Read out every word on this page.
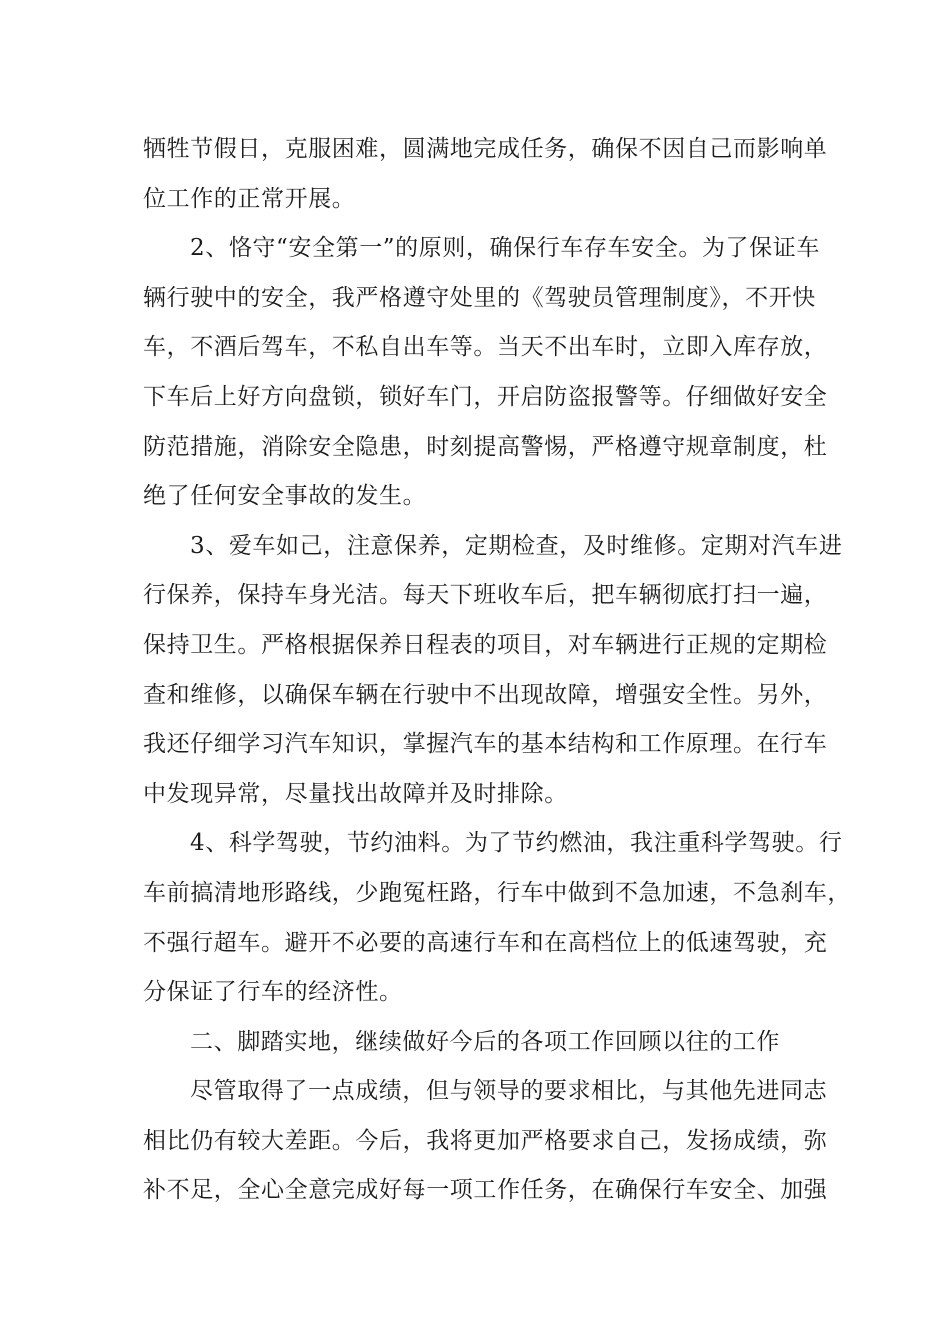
牺牲节假日，克服困难，圆满地完成任务，确保不因自己而影响单
位工作的正常开展。
2、恪守“安全第一”的原则，确保行车存车安全。为了保证车
辆行驶中的安全，我严格遵守处里的《驾驶员管理制度》，不开快
车，不酒后驾车，不私自出车等。当天不出车时，立即入库存放，
下车后上好方向盘锁，锁好车门，开启防盗报警等。仔细做好安全
防范措施，消除安全隐患，时刻提高警惕，严格遵守规章制度，杜
绝了任何安全事故的发生。
3、爱车如己，注意保养，定期检查，及时维修。定期对汽车进
行保养，保持车身光洁。每天下班收车后，把车辆彻底打扫一遍，
保持卫生。严格根据保养日程表的项目，对车辆进行正规的定期检
查和维修，以确保车辆在行驶中不出现故障，增强安全性。另外，
我还仔细学习汽车知识，掌握汽车的基本结构和工作原理。在行车
中发现异常，尽量找出故障并及时排除。
4、科学驾驶，节约油料。为了节约燃油，我注重科学驾驶。行
车前搞清地形路线，少跑冤枉路，行车中做到不急加速，不急刹车，
不强行超车。避开不必要的高速行车和在高档位上的低速驾驶，充
分保证了行车的经济性。
二、脚踏实地，继续做好今后的各项工作回顾以往的工作
尽管取得了一点成绩，但与领导的要求相比，与其他先进同志
相比仍有较大差距。今后，我将更加严格要求自己，发扬成绩，弥
补不足，全心全意完成好每一项工作任务，在确保行车安全、加强
